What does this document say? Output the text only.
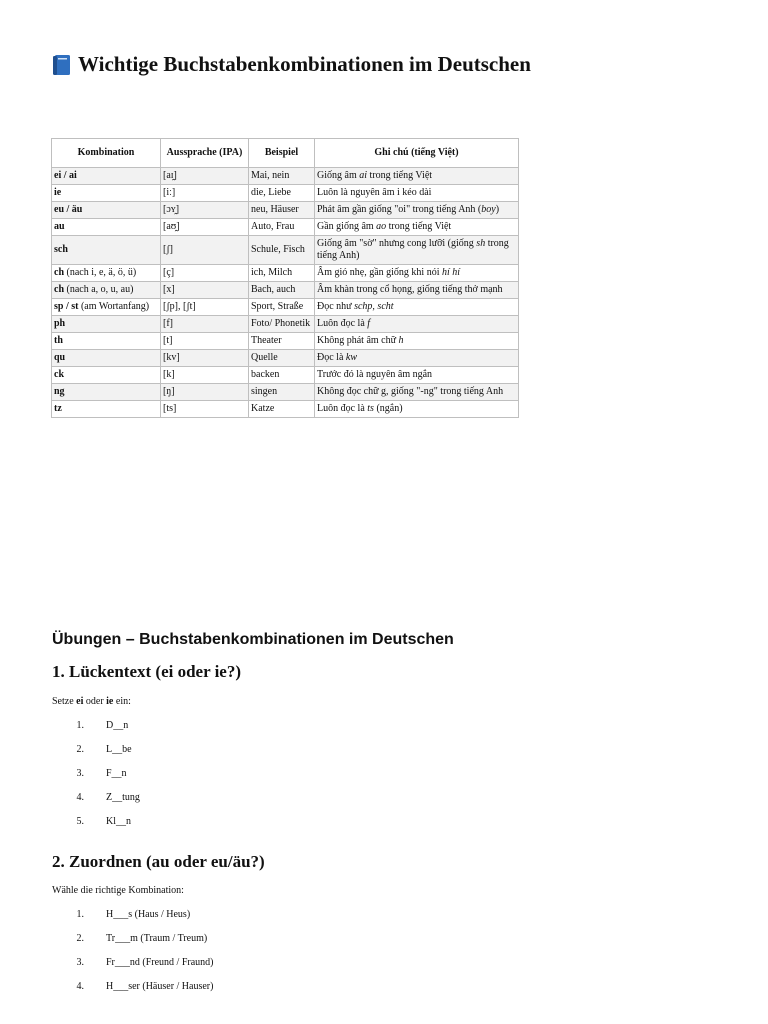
Wichtige Buchstabenkombinationen im Deutschen
Kombination	Aussprache (IPA)	Beispiel	Ghi chú (tiếng Việt)
ei / ai	[aɪ̯]	Mai, nein	Giống âm ai trong tiếng Việt
ie	[iː]	die, Liebe	Luôn là nguyên âm i kéo dài
eu / äu	[ɔʏ̯]	neu, Häuser	Phát âm gần giống "oi" trong tiếng Anh (boy)
au	[aʊ̯]	Auto, Frau	Gần giống âm ao trong tiếng Việt
sch	[ʃ]	Schule, Fisch	Giống âm "sờ" nhưng cong lưỡi (giống sh trong tiếng Anh)
ch (nach i, e, ä, ö, ü)	[ç]	ich, Milch	Âm gió nhẹ, gần giống khi nói hí hí
ch (nach a, o, u, au)	[x]	Bach, auch	Âm khàn trong cổ họng, giống tiếng thở mạnh
sp / st (am Wortanfang)	[ʃp], [ʃt]	Sport, Straße	Đọc như schp, scht
ph	[f]	Foto/ Phonetik	Luôn đọc là f
th	[t]	Theater	Không phát âm chữ h
qu	[kv]	Quelle	Đọc là kw
ck	[k]	backen	Trước đó là nguyên âm ngắn
ng	[ŋ]	singen	Không đọc chữ g, giống "-ng" trong tiếng Anh
tz	[ts]	Katze	Luôn đọc là ts (ngắn)
Übungen – Buchstabenkombinationen im Deutschen
1. Lückentext (ei oder ie?)

Setze ei oder ie ein:

1.	D__n
2.	L__be
3.	F__n
4.	Z__tung
5.	Kl__n
2. Zuordnen (au oder eu/äu?)

Wähle die richtige Kombination:

1.	H___s (Haus / Heus)
2.	Tr___m (Traum / Treum)
3.	Fr___nd (Freund / Fraund)
4.	H___ser (Häuser / Hauser)
